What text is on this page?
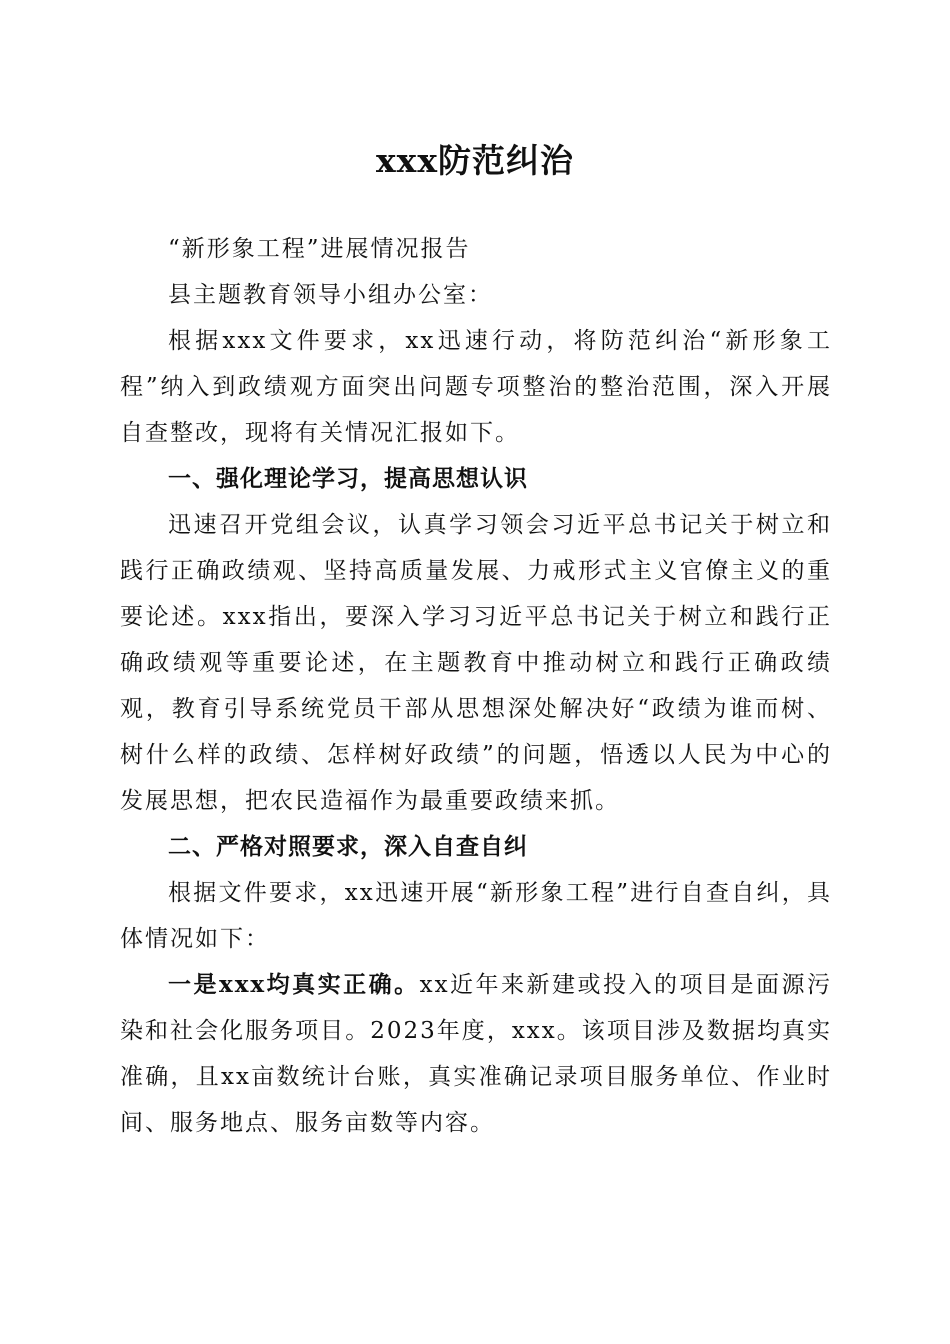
xxx防范纠治

“新形象工程”进展情况报告

县主题教育领导小组办公室：

根据xxx文件要求，xx迅速行动，将防范纠治“新形象工程”纳入到政绩观方面突出问题专项整治的整治范围，深入开展自查整改，现将有关情况汇报如下。

一、强化理论学习，提高思想认识

迅速召开党组会议，认真学习领会习近平总书记关于树立和践行正确政绩观、坚持高质量发展、力戒形式主义官僚主义的重要论述。xxx指出，要深入学习习近平总书记关于树立和践行正确政绩观等重要论述，在主题教育中推动树立和践行正确政绩观，教育引导系统党员干部从思想深处解决好“政绩为谁而树、树什么样的政绩、怎样树好政绩”的问题，悟透以人民为中心的发展思想，把农民造福作为最重要政绩来抓。

二、严格对照要求，深入自查自纠

根据文件要求，xx迅速开展“新形象工程”进行自查自纠，具体情况如下：

一是xxx均真实正确。xx近年来新建或投入的项目是面源污染和社会化服务项目。2023年度，xxx。该项目涉及数据均真实准确，且xx亩数统计台账，真实准确记录项目服务单位、作业时间、服务地点、服务亩数等内容。
